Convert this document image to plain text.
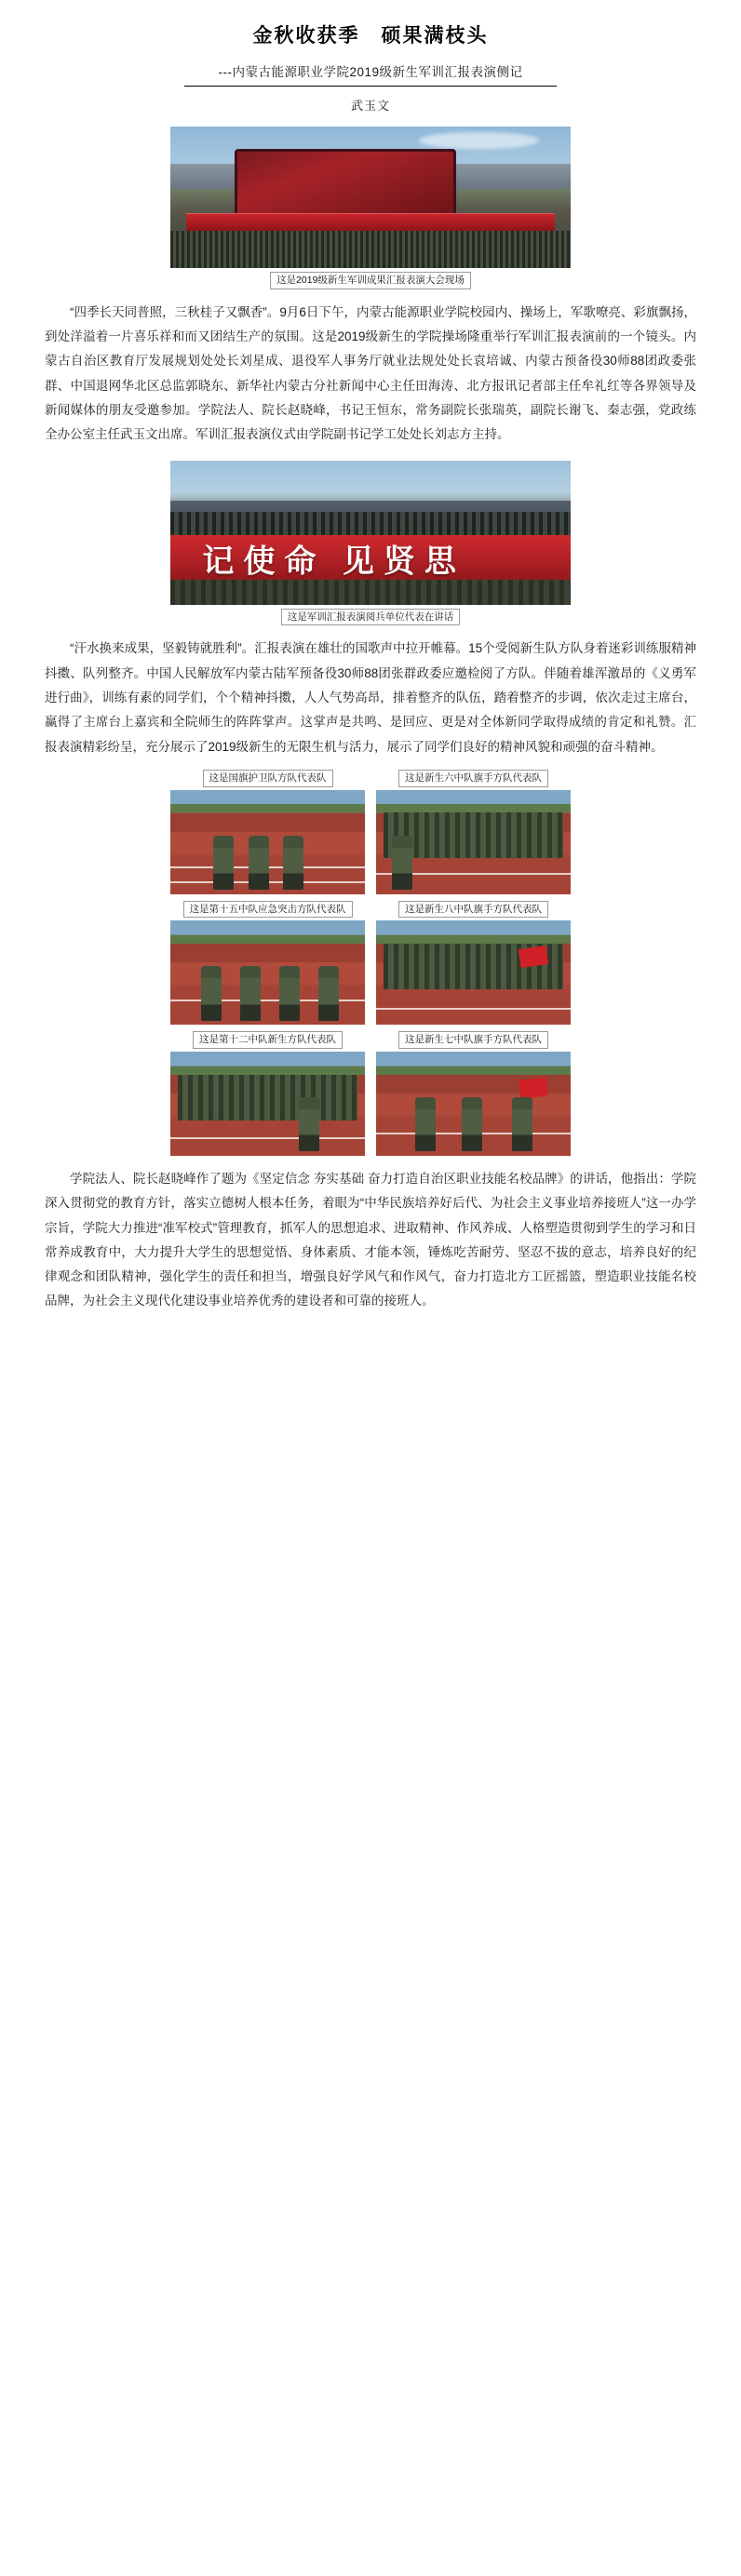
金秋收获季　硕果满枝头
---内蒙古能源职业学院2019级新生军训汇报表演侧记
武玉文
这是2019级新生军训成果汇报表演大会现场

“四季长天同普照，三秋桂子又飘香”。9月6日下午，内蒙古能源职业学院校园内、操场上，军歌嘹亮、彩旗飘扬，到处洋溢着一片喜乐祥和而又团结生产的氛围。这是2019级新生的学院操场隆重举行军训汇报表演前的一个镜头。内蒙古自治区教育厅发展规划处处长刘星成、退役军人事务厅就业法规处处长袁培诚、内蒙古预备役30师88团政委张群、中国退网华北区总监郭晓东、新华社内蒙古分社新闻中心主任田海涛、北方报讯记者部主任牟礼红等各界领导及新闻媒体的朋友受邀参加。学院法人、院长赵晓峰，书记王恒东，常务副院长张瑞英，副院长谢飞、秦志强，党政练全办公室主任武玉文出席。军训汇报表演仪式由学院副书记学工处处长刘志方主持。

记使命 见贤思
这是军训汇报表演阅兵单位代表在讲话

“汗水换来成果，坚毅铸就胜利”。汇报表演在雄壮的国歌声中拉开帷幕。15个受阅新生队方队身着迷彩训练服精神抖擞、队列整齐。中国人民解放军内蒙古陆军预备役30师88团张群政委应邀检阅了方队。伴随着雄浑激昂的《义勇军进行曲》，训练有素的同学们，个个精神抖擞，人人气势高昂，排着整齐的队伍，踏着整齐的步调，依次走过主席台，赢得了主席台上嘉宾和全院师生的阵阵掌声。这掌声是共鸣、是回应、更是对全体新同学取得成绩的肯定和礼赞。汇报表演精彩纷呈，充分展示了2019级新生的无限生机与活力，展示了同学们良好的精神风貌和顽强的奋斗精神。

这是国旗护卫队方队代表队	这是新生六中队旗手方队代表队
这是第十五中队应急突击方队代表队	这是新生八中队旗手方队代表队
这是第十二中队新生方队代表队	这是新生七中队旗手方队代表队

学院法人、院长赵晓峰作了题为《坚定信念 夯实基础 奋力打造自治区职业技能名校品牌》的讲话，他指出：学院深入贯彻党的教育方针，落实立德树人根本任务，着眼为“中华民族培养好后代、为社会主义事业培养接班人”这一办学宗旨，学院大力推进“准军校式”管理教育，抓军人的思想追求、进取精神、作风养成、人格塑造贯彻到学生的学习和日常养成教育中，大力提升大学生的思想觉悟、身体素质、才能本领，锤炼吃苦耐劳、坚忍不拔的意志，培养良好的纪律观念和团队精神，强化学生的责任和担当，增强良好学风气和作风气，奋力打造北方工匠摇篮，塑造职业技能名校品牌，为社会主义现代化建设事业培养优秀的建设者和可靠的接班人。
